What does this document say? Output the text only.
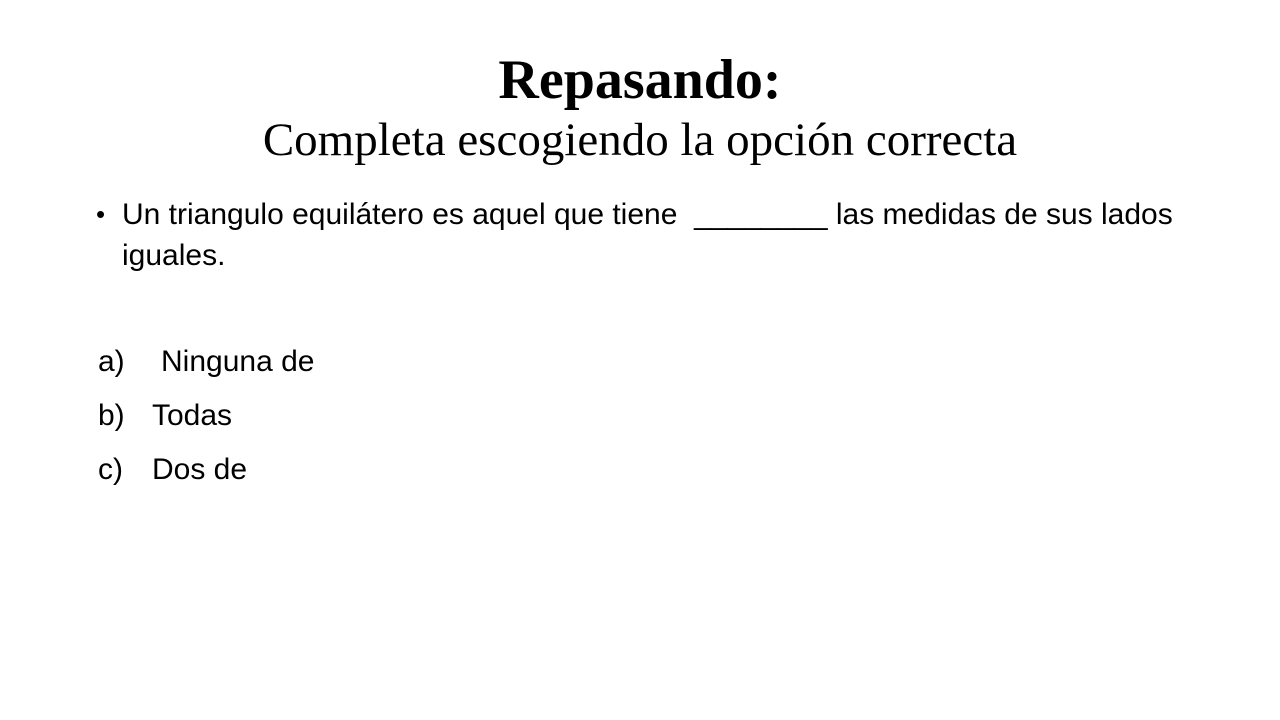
Repasando:
Completa escogiendo la opción correcta
• Un triangulo equilátero es aquel que tiene  ________ las medidas de sus lados iguales.
a)	Ninguna de
b) Todas
c) Dos de
